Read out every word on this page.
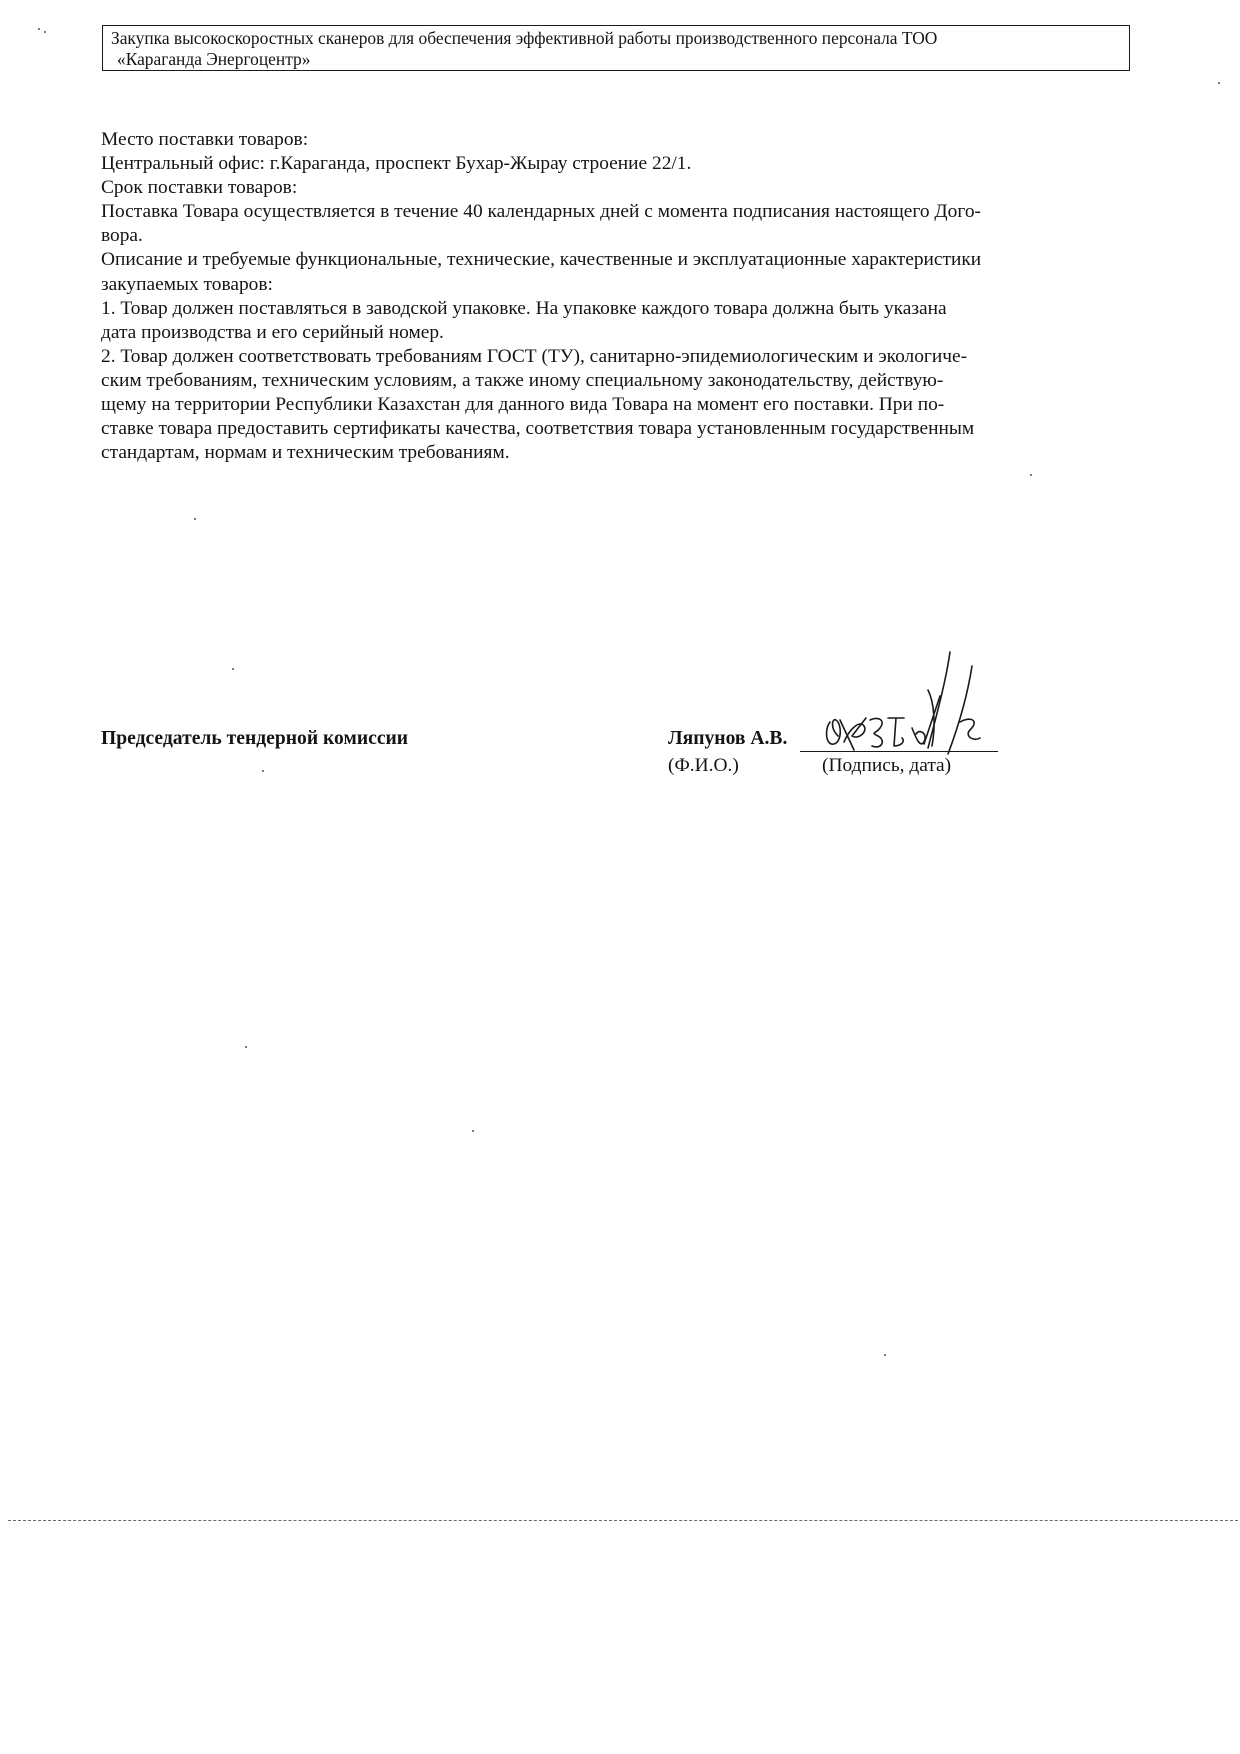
Закупка высокоскоростных сканеров для обеспечения эффективной работы производственного персонала ТОО
«Караганда Энергоцентр»
Место поставки товаров:
Центральный офис: г.Караганда, проспект Бухар-Жырау строение 22/1.
Срок поставки товаров:
Поставка Товара осуществляется в течение 40 календарных дней с момента подписания настоящего Дого-
вора.
Описание и требуемые функциональные, технические, качественные и эксплуатационные характеристики
закупаемых товаров:
1. Товар должен поставляться в заводской упаковке. На упаковке каждого товара должна быть указана
дата производства и его серийный номер.
2. Товар должен соответствовать требованиям ГОСТ (ТУ), санитарно-эпидемиологическим и экологиче-
ским требованиям, техническим условиям, а также иному специальному законодательству, действую-
щему на территории Республики Казахстан для данного вида Товара на момент его поставки. При по-
ставке товара предоставить сертификаты качества, соответствия товара установленным государственным
стандартам, нормам и техническим требованиям.
Председатель тендерной комиссии	Ляпунов А.В.
(Ф.И.О.)	(Подпись, дата)
